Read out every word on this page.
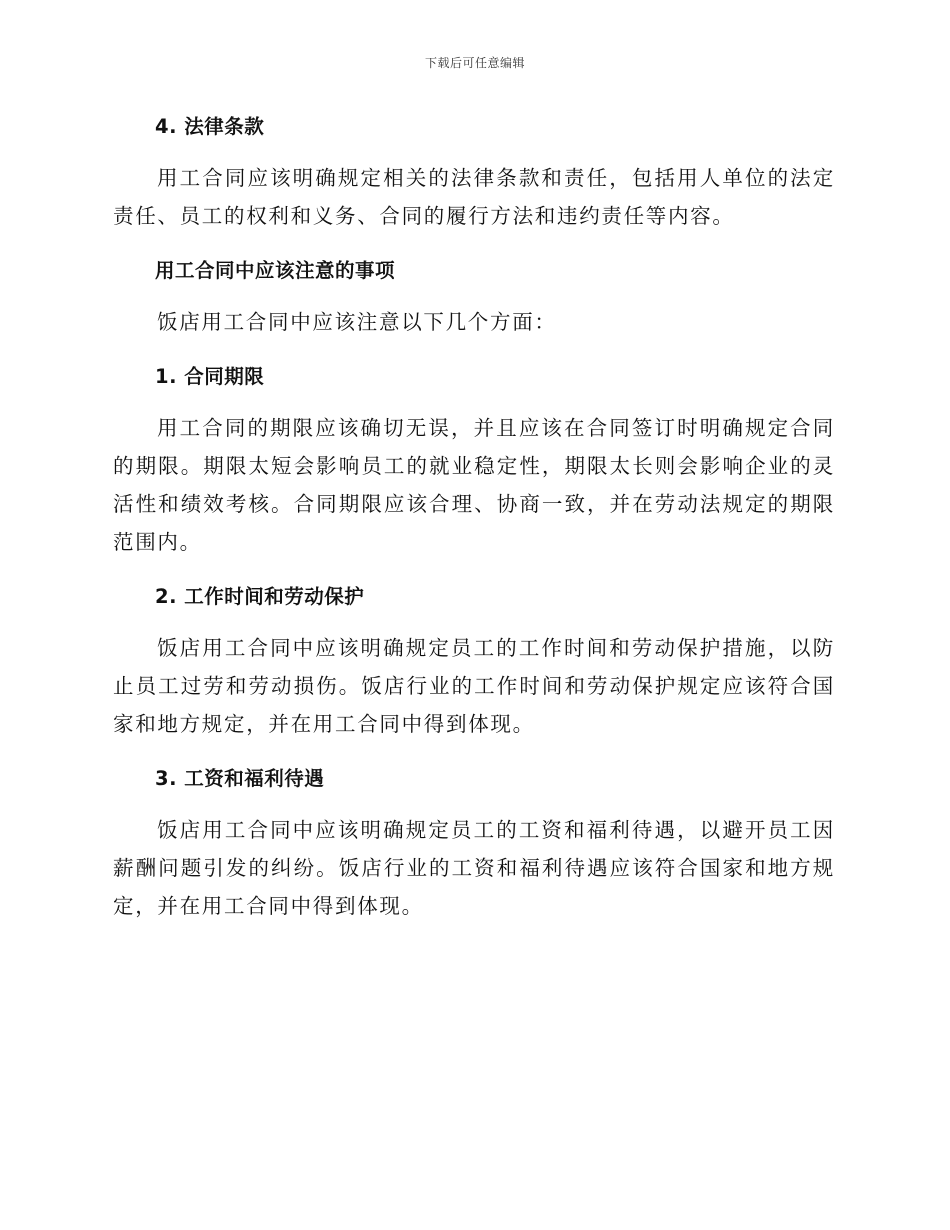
下载后可任意编辑
4. 法律条款

用工合同应该明确规定相关的法律条款和责任，包括用人单位的法定责任、员工的权利和义务、合同的履行方法和违约责任等内容。

用工合同中应该注意的事项

饭店用工合同中应该注意以下几个方面：

1. 合同期限

用工合同的期限应该确切无误，并且应该在合同签订时明确规定合同的期限。期限太短会影响员工的就业稳定性，期限太长则会影响企业的灵活性和绩效考核。合同期限应该合理、协商一致，并在劳动法规定的期限范围内。

2. 工作时间和劳动保护

饭店用工合同中应该明确规定员工的工作时间和劳动保护措施，以防止员工过劳和劳动损伤。饭店行业的工作时间和劳动保护规定应该符合国家和地方规定，并在用工合同中得到体现。

3. 工资和福利待遇

饭店用工合同中应该明确规定员工的工资和福利待遇，以避开员工因薪酬问题引发的纠纷。饭店行业的工资和福利待遇应该符合国家和地方规定，并在用工合同中得到体现。
